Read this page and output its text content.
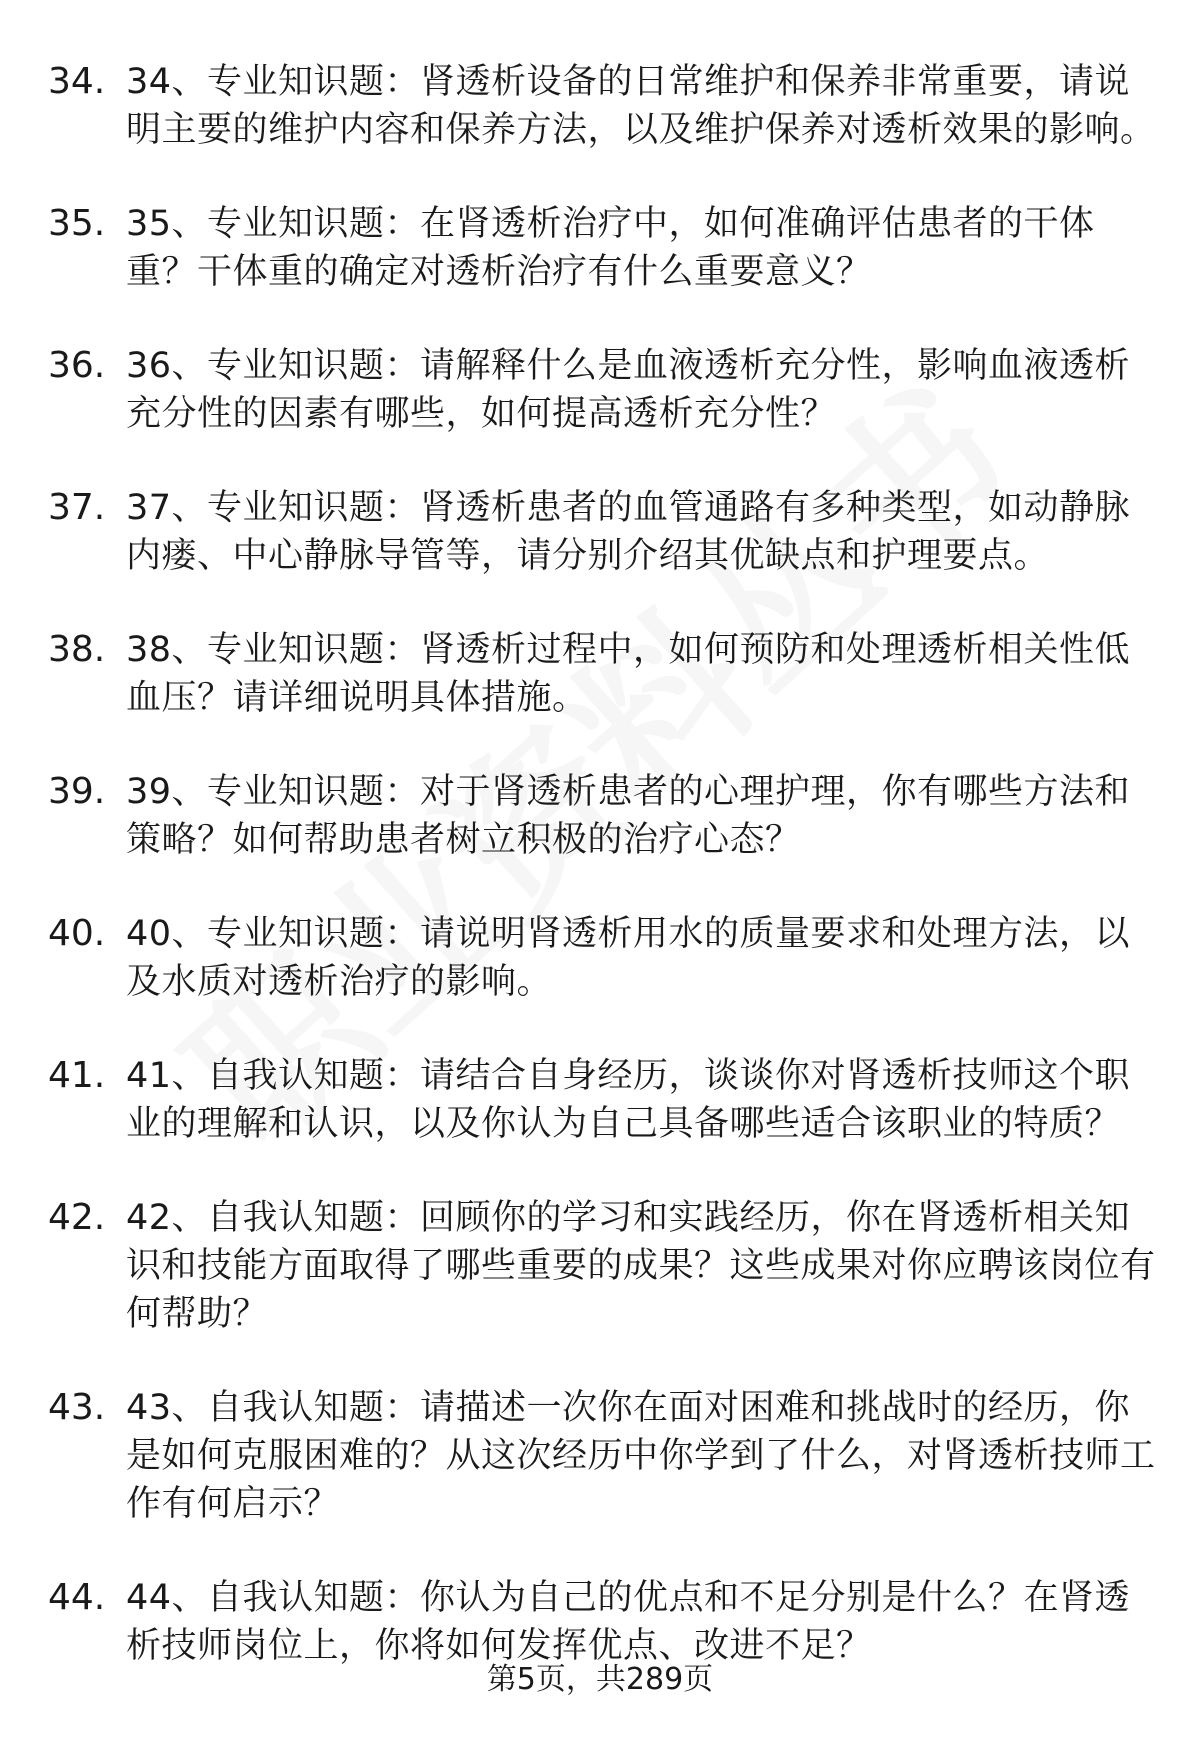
34. 34、专业知识题：肾透析设备的日常维护和保养非常重要，请说明主要的维护内容和保养方法，以及维护保养对透析效果的影响。
35. 35、专业知识题：在肾透析治疗中，如何准确评估患者的干体重？干体重的确定对透析治疗有什么重要意义？
36. 36、专业知识题：请解释什么是血液透析充分性，影响血液透析充分性的因素有哪些，如何提高透析充分性？
37. 37、专业知识题：肾透析患者的血管通路有多种类型，如动静脉内瘘、中心静脉导管等，请分别介绍其优缺点和护理要点。
38. 38、专业知识题：肾透析过程中，如何预防和处理透析相关性低血压？请详细说明具体措施。
39. 39、专业知识题：对于肾透析患者的心理护理，你有哪些方法和策略？如何帮助患者树立积极的治疗心态？
40. 40、专业知识题：请说明肾透析用水的质量要求和处理方法，以及水质对透析治疗的影响。
41. 41、自我认知题：请结合自身经历，谈谈你对肾透析技师这个职业的理解和认识，以及你认为自己具备哪些适合该职业的特质？
42. 42、自我认知题：回顾你的学习和实践经历，你在肾透析相关知识和技能方面取得了哪些重要的成果？这些成果对你应聘该岗位有何帮助？
43. 43、自我认知题：请描述一次你在面对困难和挑战时的经历，你是如何克服困难的？从这次经历中你学到了什么，对肾透析技师工作有何启示？
44. 44、自我认知题：你认为自己的优点和不足分别是什么？在肾透析技师岗位上，你将如何发挥优点、改进不足？
第5页，共289页
